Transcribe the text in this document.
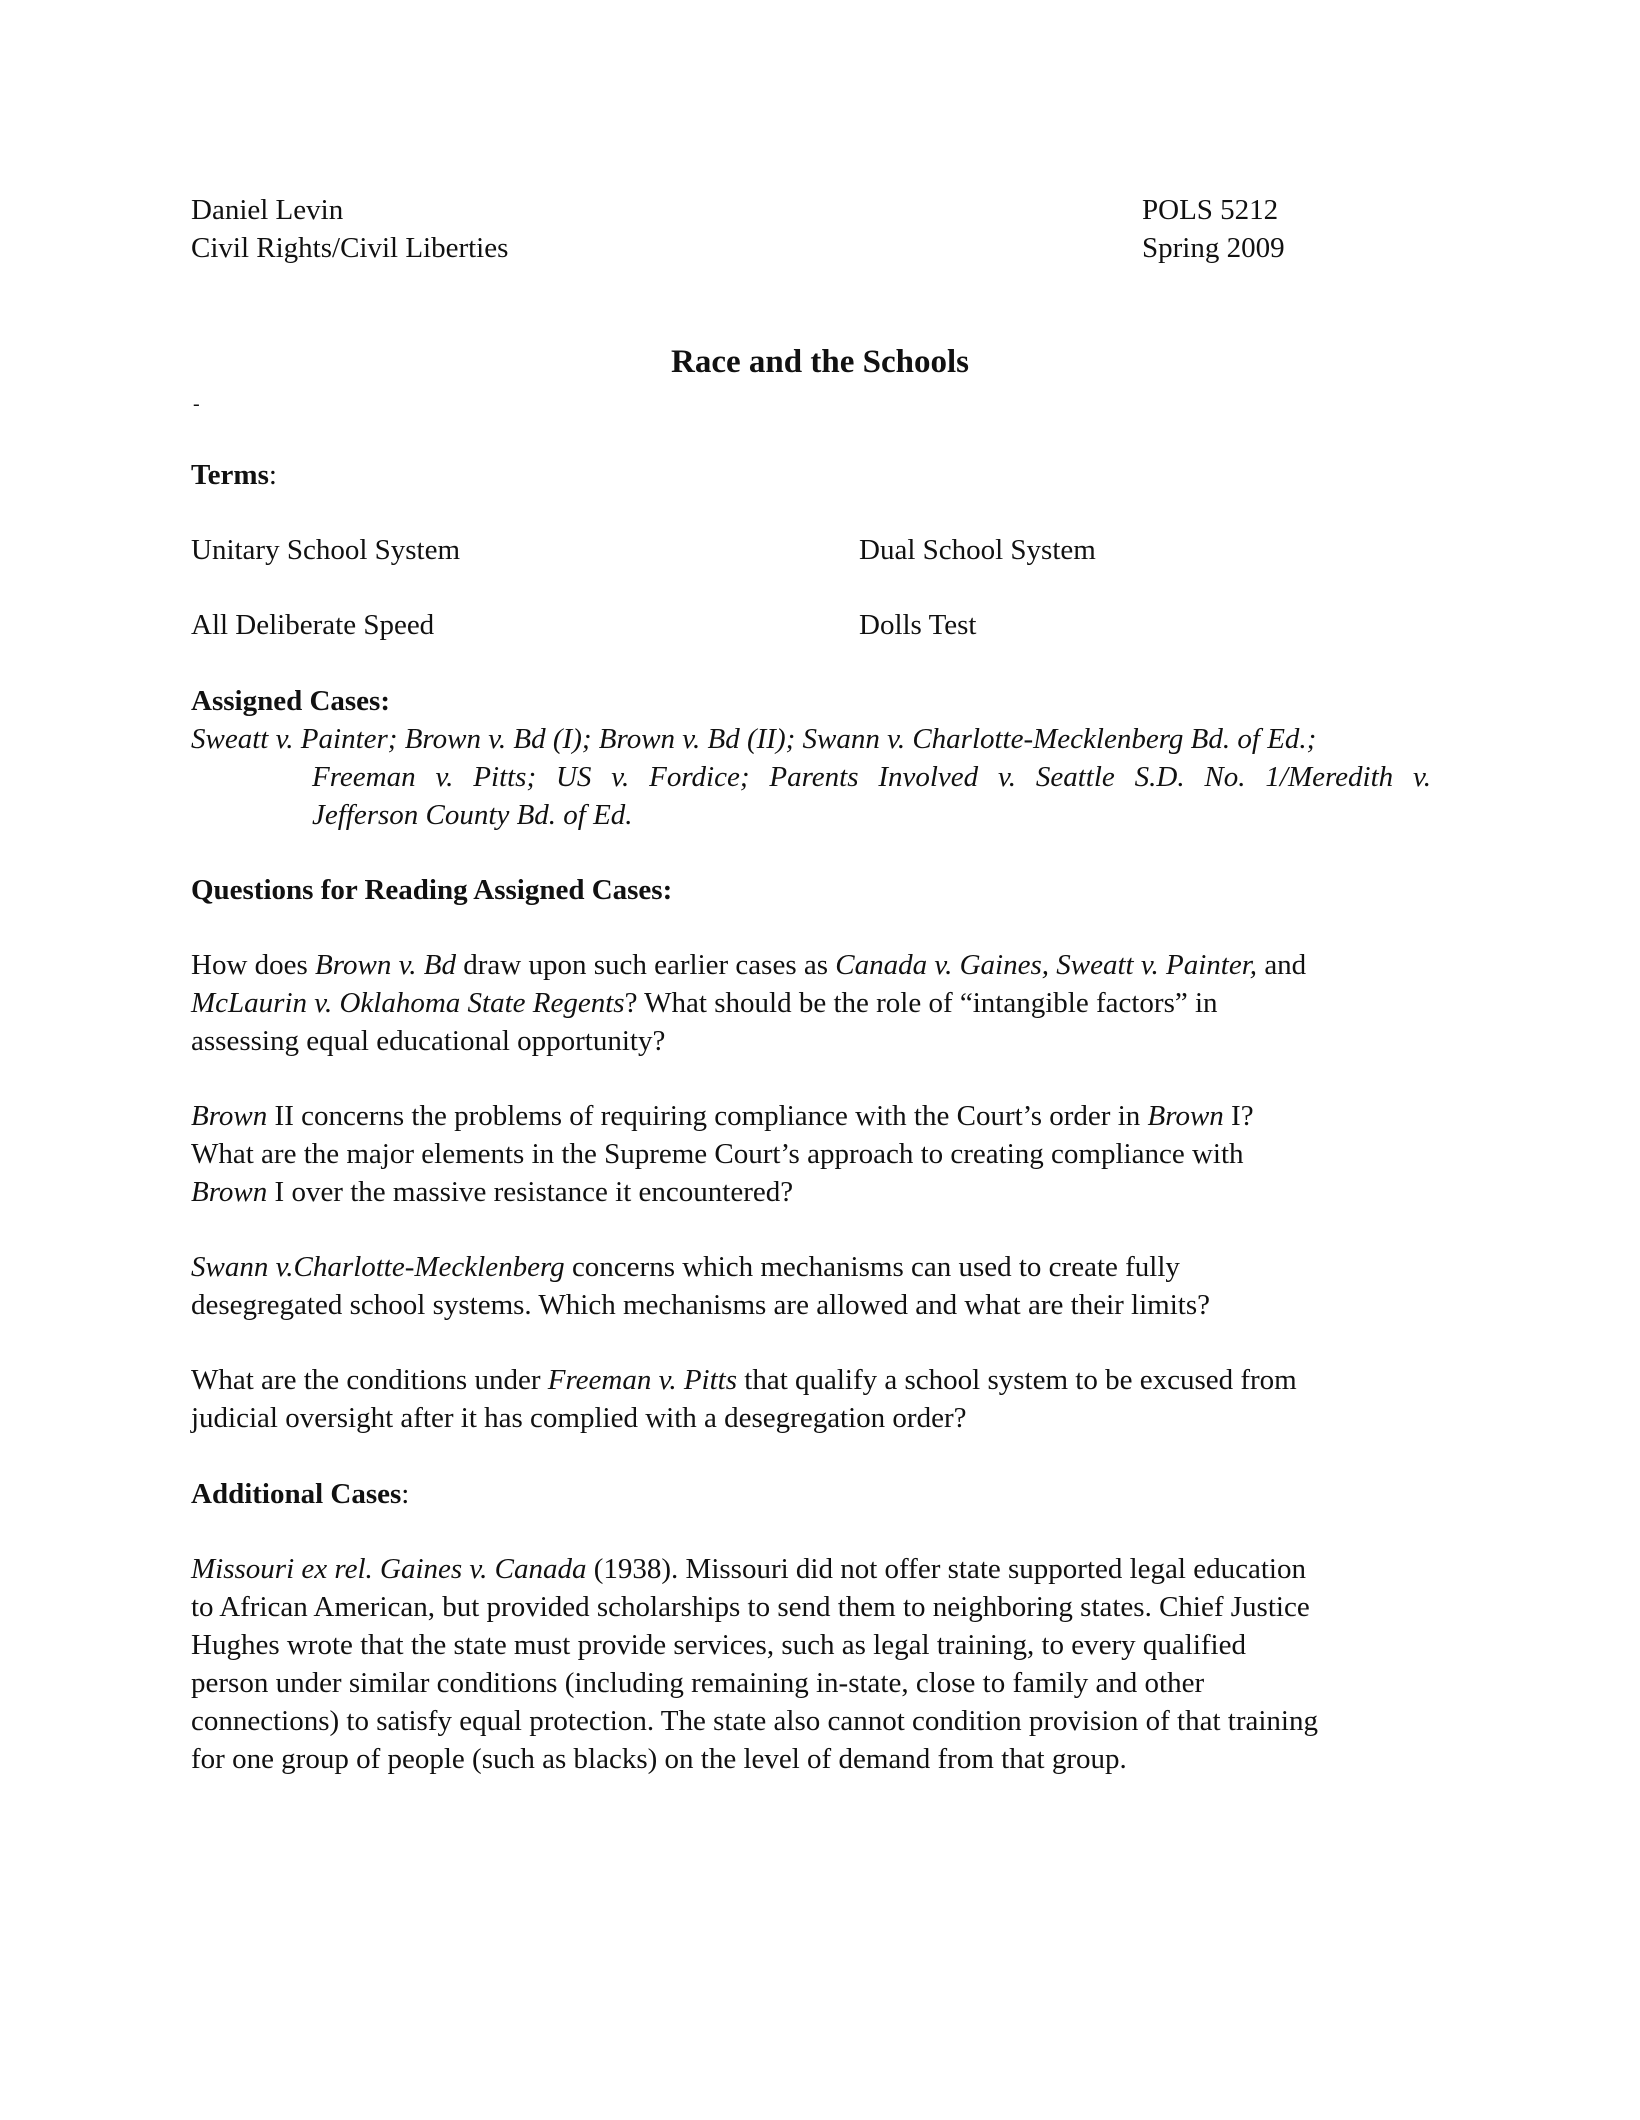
Daniel Levin
Civil Rights/Civil Liberties
POLS 5212
Spring 2009
Race and the Schools
-
Terms:
Unitary School System	Dual School System
All Deliberate Speed	Dolls Test
Assigned Cases:
Sweatt v. Painter; Brown v. Bd (I); Brown v. Bd (II); Swann v. Charlotte-Mecklenberg Bd. of Ed.;
Freeman v. Pitts; US v. Fordice; Parents Involved v. Seattle S.D. No. 1/Meredith v.
Jefferson County Bd. of Ed.
Questions for Reading Assigned Cases:
How does Brown v. Bd draw upon such earlier cases as Canada v. Gaines, Sweatt v. Painter, and
McLaurin v. Oklahoma State Regents? What should be the role of “intangible factors” in
assessing equal educational opportunity?
Brown II concerns the problems of requiring compliance with the Court’s order in Brown I?
What are the major elements in the Supreme Court’s approach to creating compliance with
Brown I over the massive resistance it encountered?
Swann v.Charlotte-Mecklenberg concerns which mechanisms can used to create fully
desegregated school systems. Which mechanisms are allowed and what are their limits?
What are the conditions under Freeman v. Pitts that qualify a school system to be excused from
judicial oversight after it has complied with a desegregation order?
Additional Cases:
Missouri ex rel. Gaines v. Canada (1938). Missouri did not offer state supported legal education
to African American, but provided scholarships to send them to neighboring states. Chief Justice
Hughes wrote that the state must provide services, such as legal training, to every qualified
person under similar conditions (including remaining in-state, close to family and other
connections) to satisfy equal protection. The state also cannot condition provision of that training
for one group of people (such as blacks) on the level of demand from that group.
